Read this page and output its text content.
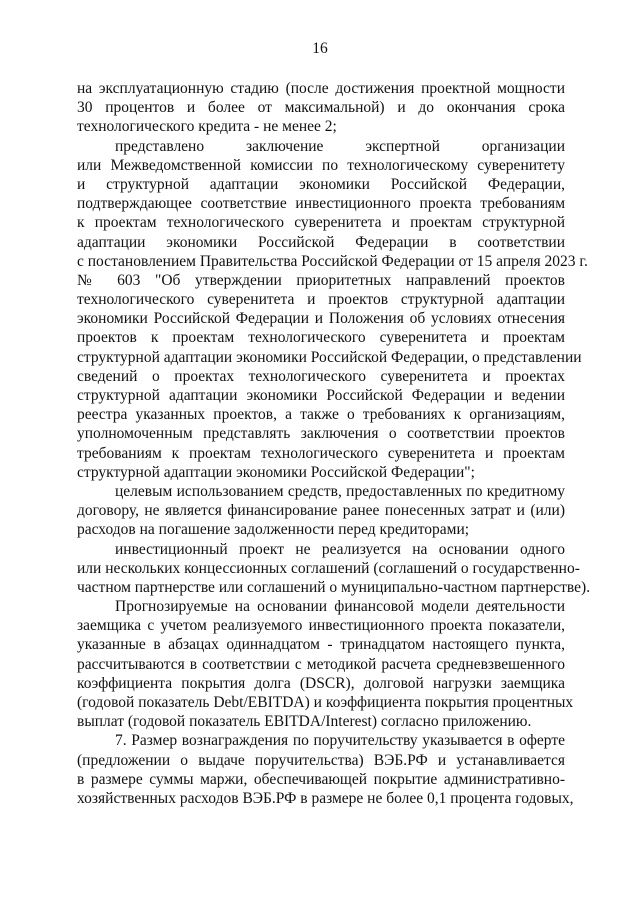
16
на эксплуатационную стадию (после достижения проектной мощности
30 процентов и более от максимальной) и до окончания срока
технологического кредита - не менее 2;
представлено заключение экспертной организации
или Межведомственной комиссии по технологическому суверенитету
и структурной адаптации экономики Российской Федерации,
подтверждающее соответствие инвестиционного проекта требованиям
к проектам технологического суверенитета и проектам структурной
адаптации экономики Российской Федерации в соответствии
с постановлением Правительства Российской Федерации от 15 апреля 2023 г.
№ 603 "Об утверждении приоритетных направлений проектов
технологического суверенитета и проектов структурной адаптации
экономики Российской Федерации и Положения об условиях отнесения
проектов к проектам технологического суверенитета и проектам
структурной адаптации экономики Российской Федерации, о представлении
сведений о проектах технологического суверенитета и проектах
структурной адаптации экономики Российской Федерации и ведении
реестра указанных проектов, а также о требованиях к организациям,
уполномоченным представлять заключения о соответствии проектов
требованиям к проектам технологического суверенитета и проектам
структурной адаптации экономики Российской Федерации";
целевым использованием средств, предоставленных по кредитному
договору, не является финансирование ранее понесенных затрат и (или)
расходов на погашение задолженности перед кредиторами;
инвестиционный проект не реализуется на основании одного
или нескольких концессионных соглашений (соглашений о государственно-
частном партнерстве или соглашений о муниципально-частном партнерстве).
Прогнозируемые на основании финансовой модели деятельности
заемщика с учетом реализуемого инвестиционного проекта показатели,
указанные в абзацах одиннадцатом - тринадцатом настоящего пункта,
рассчитываются в соответствии с методикой расчета средневзвешенного
коэффициента покрытия долга (DSCR), долговой нагрузки заемщика
(годовой показатель Debt/EBITDA) и коэффициента покрытия процентных
выплат (годовой показатель EBITDA/Interest) согласно приложению.
7. Размер вознаграждения по поручительству указывается в оферте
(предложении о выдаче поручительства) ВЭБ.РФ и устанавливается
в размере суммы маржи, обеспечивающей покрытие административно-
хозяйственных расходов ВЭБ.РФ в размере не более 0,1 процента годовых,
